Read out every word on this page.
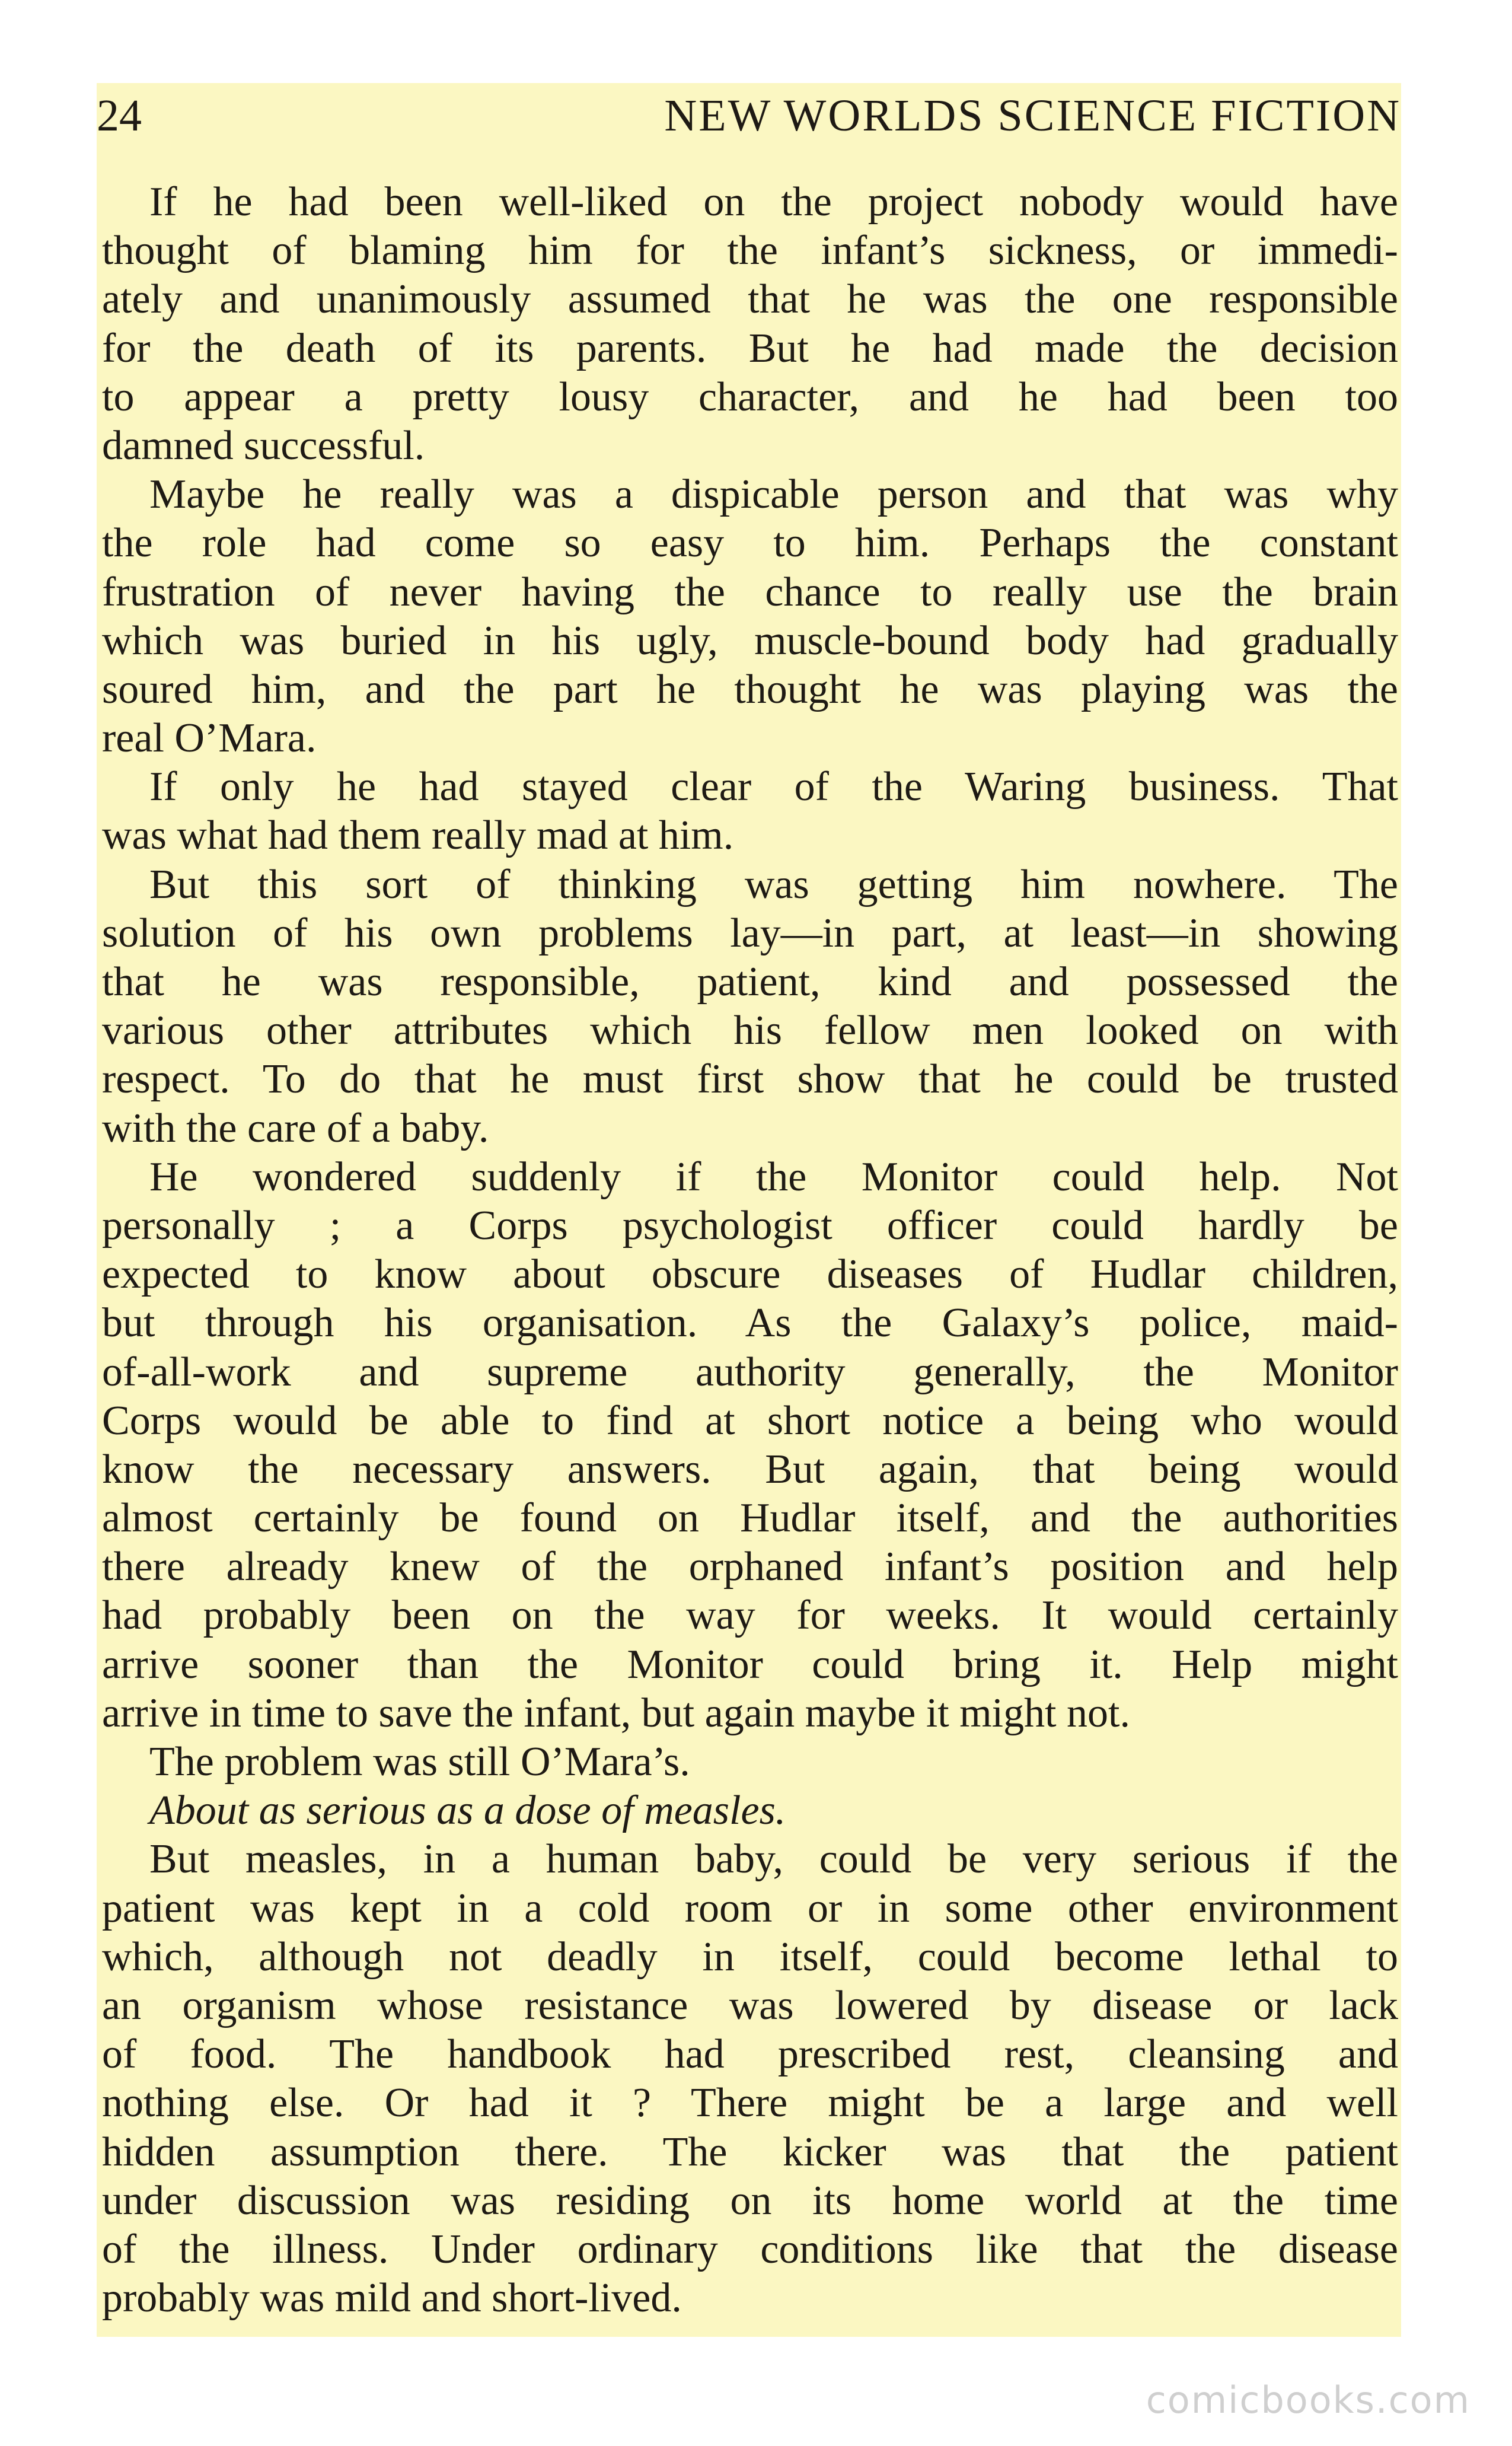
24	NEW WORLDS SCIENCE FICTION
If he had been well-liked on the project nobody would have
thought of blaming him for the infant’s sickness, or immedi-
ately and unanimously assumed that he was the one responsible
for the death of its parents. But he had made the decision
to appear a pretty lousy character, and he had been too
damned successful.
Maybe he really was a dispicable person and that was why
the role had come so easy to him. Perhaps the constant
frustration of never having the chance to really use the brain
which was buried in his ugly, muscle-bound body had gradually
soured him, and the part he thought he was playing was the
real O’Mara.
If only he had stayed clear of the Waring business. That
was what had them really mad at him.
But this sort of thinking was getting him nowhere. The
solution of his own problems lay—in part, at least—in showing
that he was responsible, patient, kind and possessed the
various other attributes which his fellow men looked on with
respect. To do that he must first show that he could be trusted
with the care of a baby.
He wondered suddenly if the Monitor could help. Not
personally ; a Corps psychologist officer could hardly be
expected to know about obscure diseases of Hudlar children,
but through his organisation. As the Galaxy’s police, maid-
of-all-work and supreme authority generally, the Monitor
Corps would be able to find at short notice a being who would
know the necessary answers. But again, that being would
almost certainly be found on Hudlar itself, and the authorities
there already knew of the orphaned infant’s position and help
had probably been on the way for weeks. It would certainly
arrive sooner than the Monitor could bring it. Help might
arrive in time to save the infant, but again maybe it might not.
The problem was still O’Mara’s.
About as serious as a dose of measles.
But measles, in a human baby, could be very serious if the
patient was kept in a cold room or in some other environment
which, although not deadly in itself, could become lethal to
an organism whose resistance was lowered by disease or lack
of food. The handbook had prescribed rest, cleansing and
nothing else. Or had it ? There might be a large and well
hidden assumption there. The kicker was that the patient
under discussion was residing on its home world at the time
of the illness. Under ordinary conditions like that the disease
probably was mild and short-lived.
comicbooks.com
